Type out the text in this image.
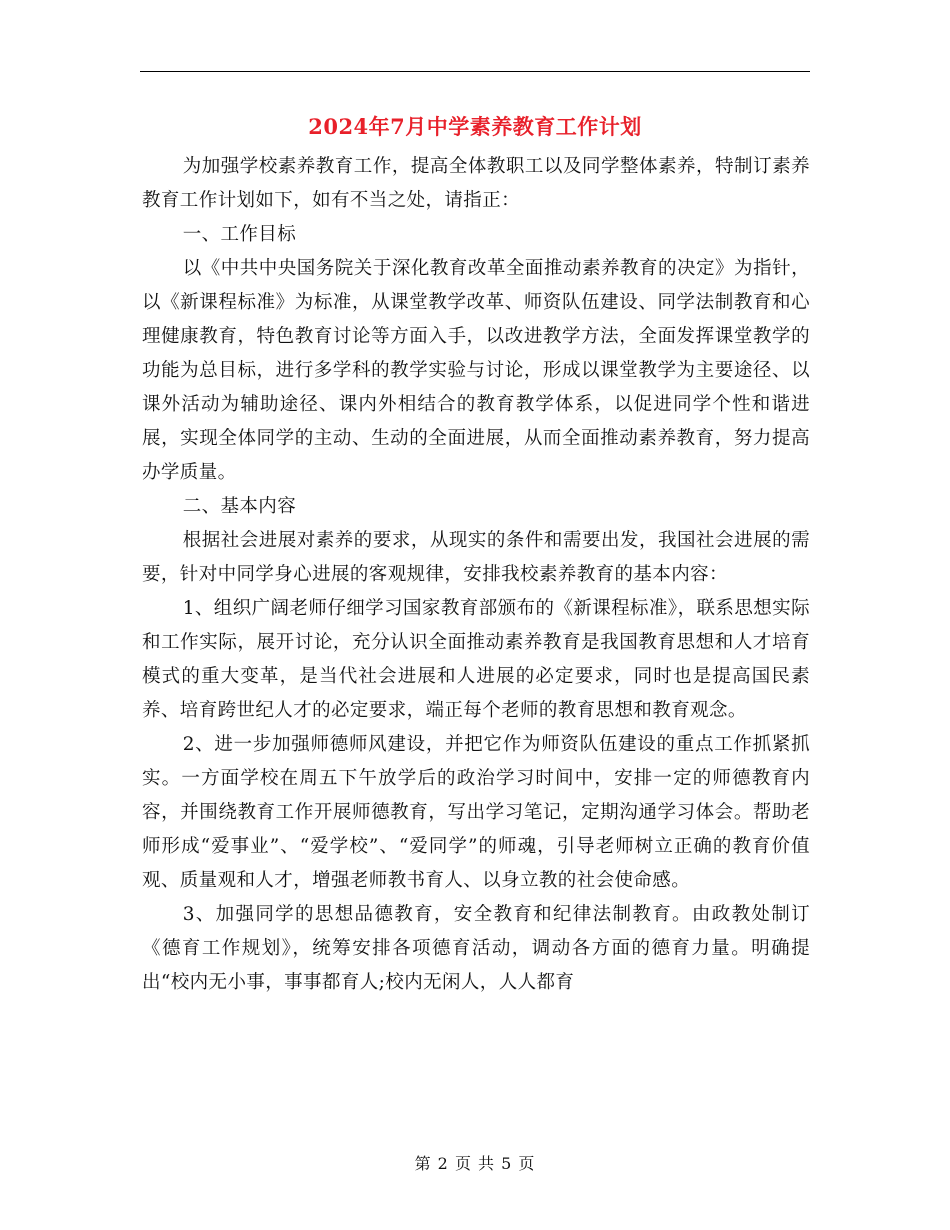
2024年7月中学素养教育工作计划

为加强学校素养教育工作，提高全体教职工以及同学整体素养，特制订素养教育工作计划如下，如有不当之处，请指正：

一、工作目标

以《中共中央国务院关于深化教育改革全面推动素养教育的决定》为指针，以《新课程标准》为标准，从课堂教学改革、师资队伍建设、同学法制教育和心理健康教育，特色教育讨论等方面入手，以改进教学方法，全面发挥课堂教学的功能为总目标，进行多学科的教学实验与讨论，形成以课堂教学为主要途径、以课外活动为辅助途径、课内外相结合的教育教学体系，以促进同学个性和谐进展，实现全体同学的主动、生动的全面进展，从而全面推动素养教育，努力提高办学质量。

二、基本内容

根据社会进展对素养的要求，从现实的条件和需要出发，我国社会进展的需要，针对中同学身心进展的客观规律，安排我校素养教育的基本内容：

1、组织广阔老师仔细学习国家教育部颁布的《新课程标准》，联系思想实际和工作实际，展开讨论，充分认识全面推动素养教育是我国教育思想和人才培育模式的重大变革，是当代社会进展和人进展的必定要求，同时也是提高国民素养、培育跨世纪人才的必定要求，端正每个老师的教育思想和教育观念。

2、进一步加强师德师风建设，并把它作为师资队伍建设的重点工作抓紧抓实。一方面学校在周五下午放学后的政治学习时间中，安排一定的师德教育内容，并围绕教育工作开展师德教育，写出学习笔记，定期沟通学习体会。帮助老师形成“爱事业”、“爱学校”、“爱同学”的师魂，引导老师树立正确的教育价值观、质量观和人才，增强老师教书育人、以身立教的社会使命感。

3、加强同学的思想品德教育，安全教育和纪律法制教育。由政教处制订《德育工作规划》，统筹安排各项德育活动，调动各方面的德育力量。明确提出“校内无小事，事事都育人;校内无闲人，人人都育

第 2 页 共 5 页
